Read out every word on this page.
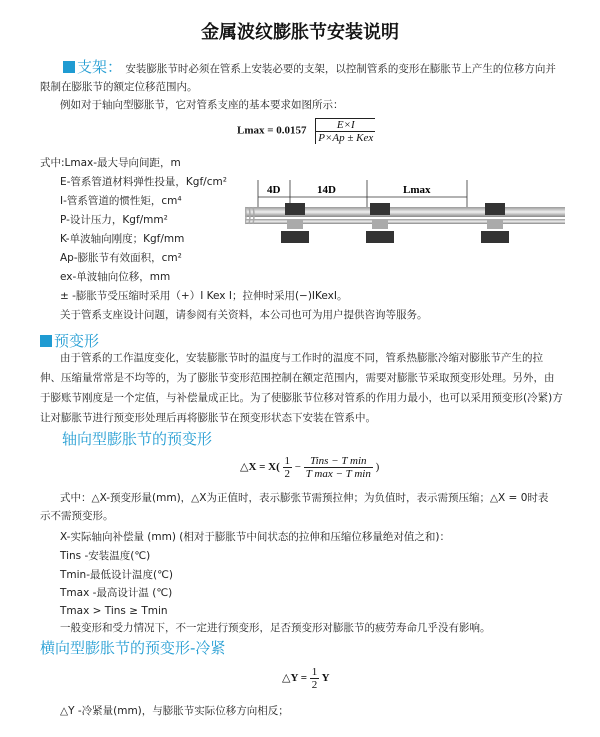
金属波纹膨胀节安装说明
支架： 安装膨胀节时必须在管系上安装必要的支架，以控制管系的变形在膨胀节上产生的位移方向并
限制在膨胀节的额定位移范围内。
例如对于轴向型膨胀节，它对管系支座的基本要求如图所示：
$Lmax = 0.0157 \frac{E\times I}{\text{P×Ap ± Kex}}$
式中:Lmax-最大导向间距，m
E-管系管道材料弹性投量，Kgf/cm²
I-管系管道的惯性矩，cm⁴
P-设计压力，Kgf/mm²
K-单波轴向刚度；Kgf/mm
Ap-膨胀节有效面积，cm²
ex-单波轴向位移，mm
± -膨胀节受压缩时采用（+）I Kex I；拉伸时采用(−)IKexI。
关于管系支座设计问题，请参阅有关资料，本公司也可为用户提供咨询等服务。
4D	14D	Lmax
预变形
由于管系的工作温度变化，安装膨胀节时的温度与工作时的温度不同，管系热膨胀冷缩对膨胀节产生的拉
伸、压缩量常常是不均等的，为了膨胀节变形范围控制在额定范围内，需要对膨胀节采取预变形处理。另外，由
于膨账节刚度是一个定值，与补偿量成正比。为了使膨胀节位移对管系的作用力最小，也可以采用预变形(冷紧)方
让对膨胀节进行预变形处理后再将膨胀节在预变形状态下安装在管系中。
轴向型膨胀节的预变形
△X = $X( \frac{1}{2} - \frac{\text{Tins − T min}}{\text{T max − T min}}$ )
式中：△X-预变形量(mm)，△X为正值时，表示膨张节需预拉伸；为负值时，表示需预压缩；△X = 0时表
示不需预变形。
X-实际轴向补偿量 (mm) (相对于膨胀节中间状态的拉伸和压缩位移量绝对值之和)：
Tins -安装温度(℃)
Tmin-最低设计温度(℃)
Tmax -最高设计温 (℃)
Tmax > Tins ≥ Tmin
一般变形和受力情况下，不一定进行预变形，足否预变形对膨胀节的疲劳寿命几乎没有影响。
横向型膨胀节的预变形-冷紧
△Y = $\frac{1}{2}$ Y
△Y -冷紧量(mm)，与膨胀节实际位移方向相反；
